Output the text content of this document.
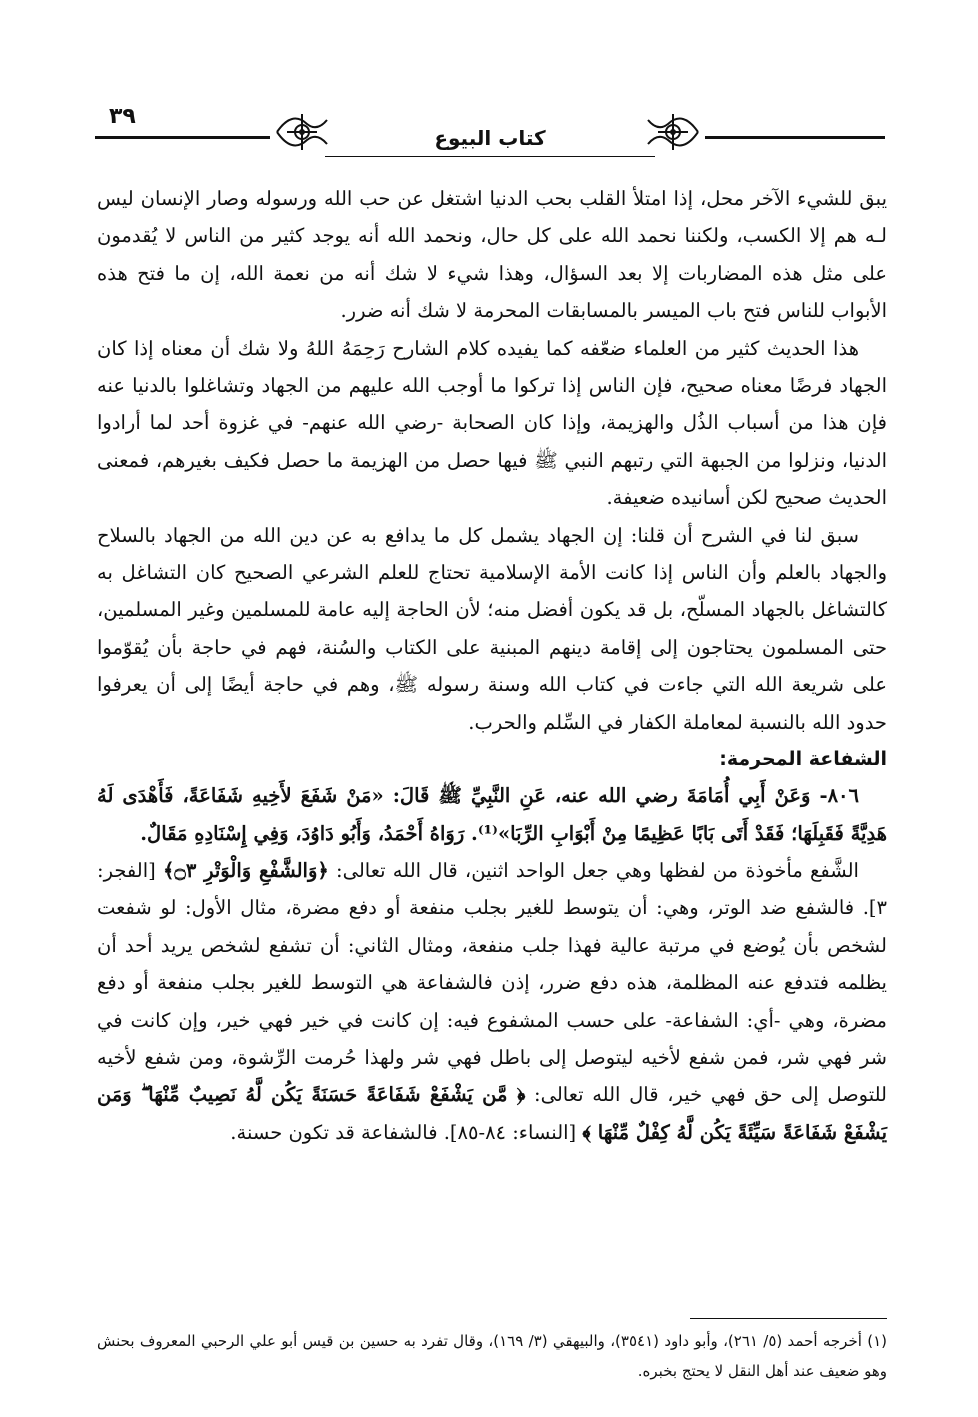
٣٩
كتاب البيوع

يبق للشيء الآخر محل، إذا امتلأ القلب بحب الدنيا اشتغل عن حب الله ورسوله وصار الإنسان ليس لـه هم إلا الكسب، ولكننا نحمد الله على كل حال، ونحمد الله أنه يوجد كثير من الناس لا يُقدمون على مثل هذه المضاربات إلا بعد السؤال، وهذا شيء لا شك أنه من نعمة الله، إن ما فتح هذه الأبواب للناس فتح باب الميسر بالمسابقات المحرمة لا شك أنه ضرر.

هذا الحديث كثير من العلماء ضعّفه كما يفيده كلام الشارح رَحِمَهُ اللهُ ولا شك أن معناه إذا كان الجهاد فرضًا معناه صحيح، فإن الناس إذا تركوا ما أوجب الله عليهم من الجهاد وتشاغلوا بالدنيا عنه فإن هذا من أسباب الذُل والهزيمة، وإذا كان الصحابة -رضي الله عنهم- في غزوة أحد لما أرادوا الدنيا، ونزلوا من الجبهة التي رتبهم النبي ﷺ فيها حصل من الهزيمة ما حصل فكيف بغيرهم، فمعنى الحديث صحيح لكن أسانيده ضعيفة.

سبق لنا في الشرح أن قلنا: إن الجهاد يشمل كل ما يدافع به عن دين الله من الجهاد بالسلاح والجهاد بالعلم وأن الناس إذا كانت الأمة الإسلامية تحتاج للعلم الشرعي الصحيح كان التشاغل به كالتشاغل بالجهاد المسلّح، بل قد يكون أفضل منه؛ لأن الحاجة إليه عامة للمسلمين وغير المسلمين، حتى المسلمون يحتاجون إلى إقامة دينهم المبنية على الكتاب والسُنة، فهم في حاجة بأن يُقوّموا على شريعة الله التي جاءت في كتاب الله وسنة رسوله ﷺ، وهم في حاجة أيضًا إلى أن يعرفوا حدود الله بالنسبة لمعاملة الكفار في السِّلم والحرب.

الشفاعة المحرمة:

٨٠٦- وَعَنْ أَبِي أُمَامَةَ رضي الله عنه، عَنِ النَّبِيِّ ﷺ قَالَ: «مَنْ شَفَعَ لأَخِيهِ شَفَاعَةً، فَأَهْدَى لَهُ هَدِيَّةً فَقَبِلَهَا؛ فَقَدْ أَتَى بَابًا عَظِيمًا مِنْ أَبْوَابِ الرِّبَا»⁽¹⁾. رَوَاهُ أَحْمَدُ، وَأَبُو دَاوُدَ، وَفِي إِسْنَادِهِ مَقَالٌ.

الشَّفع مأخوذة من لفظها وهي جعل الواحد اثنين، قال الله تعالى: ﴿وَالشَّفْعِ وَالْوَتْرِ ۝٣﴾ [الفجر: ٣]. فالشفع ضد الوتر، وهي: أن يتوسط للغير بجلب منفعة أو دفع مضرة، مثال الأول: لو شفعت لشخص بأن يُوضع في مرتبة عالية فهذا جلب منفعة، ومثال الثاني: أن تشفع لشخص يريد أحد أن يظلمه فتدفع عنه المظلمة، هذه دفع ضرر، إذن فالشفاعة هي التوسط للغير بجلب منفعة أو دفع مضرة، وهي -أي: الشفاعة- على حسب المشفوع فيه: إن كانت في خير فهي خير، وإن كانت في شر فهي شر، فمن شفع لأخيه ليتوصل إلى باطل فهي شر ولهذا حُرمت الرِّشوة، ومن شفع لأخيه للتوصل إلى حق فهي خير، قال الله تعالى: ﴿ مَّن يَشْفَعْ شَفَاعَةً حَسَنَةً يَكُن لَّهُ نَصِيبٌ مِّنْهَا ۖ وَمَن يَشْفَعْ شَفَاعَةً سَيِّئَةً يَكُن لَّهُ كِفْلٌ مِّنْهَا ﴾ [النساء: ٨٤-٨٥]. فالشفاعة قد تكون حسنة.

(١) أخرجه أحمد (٥/ ٢٦١)، وأبو داود (٣٥٤١)، والبيهقي (٣/ ١٦٩)، وقال تفرد به حسين بن قيس أبو علي الرحبي المعروف بحنش وهو ضعيف عند أهل النقل لا يحتج بخبره.
